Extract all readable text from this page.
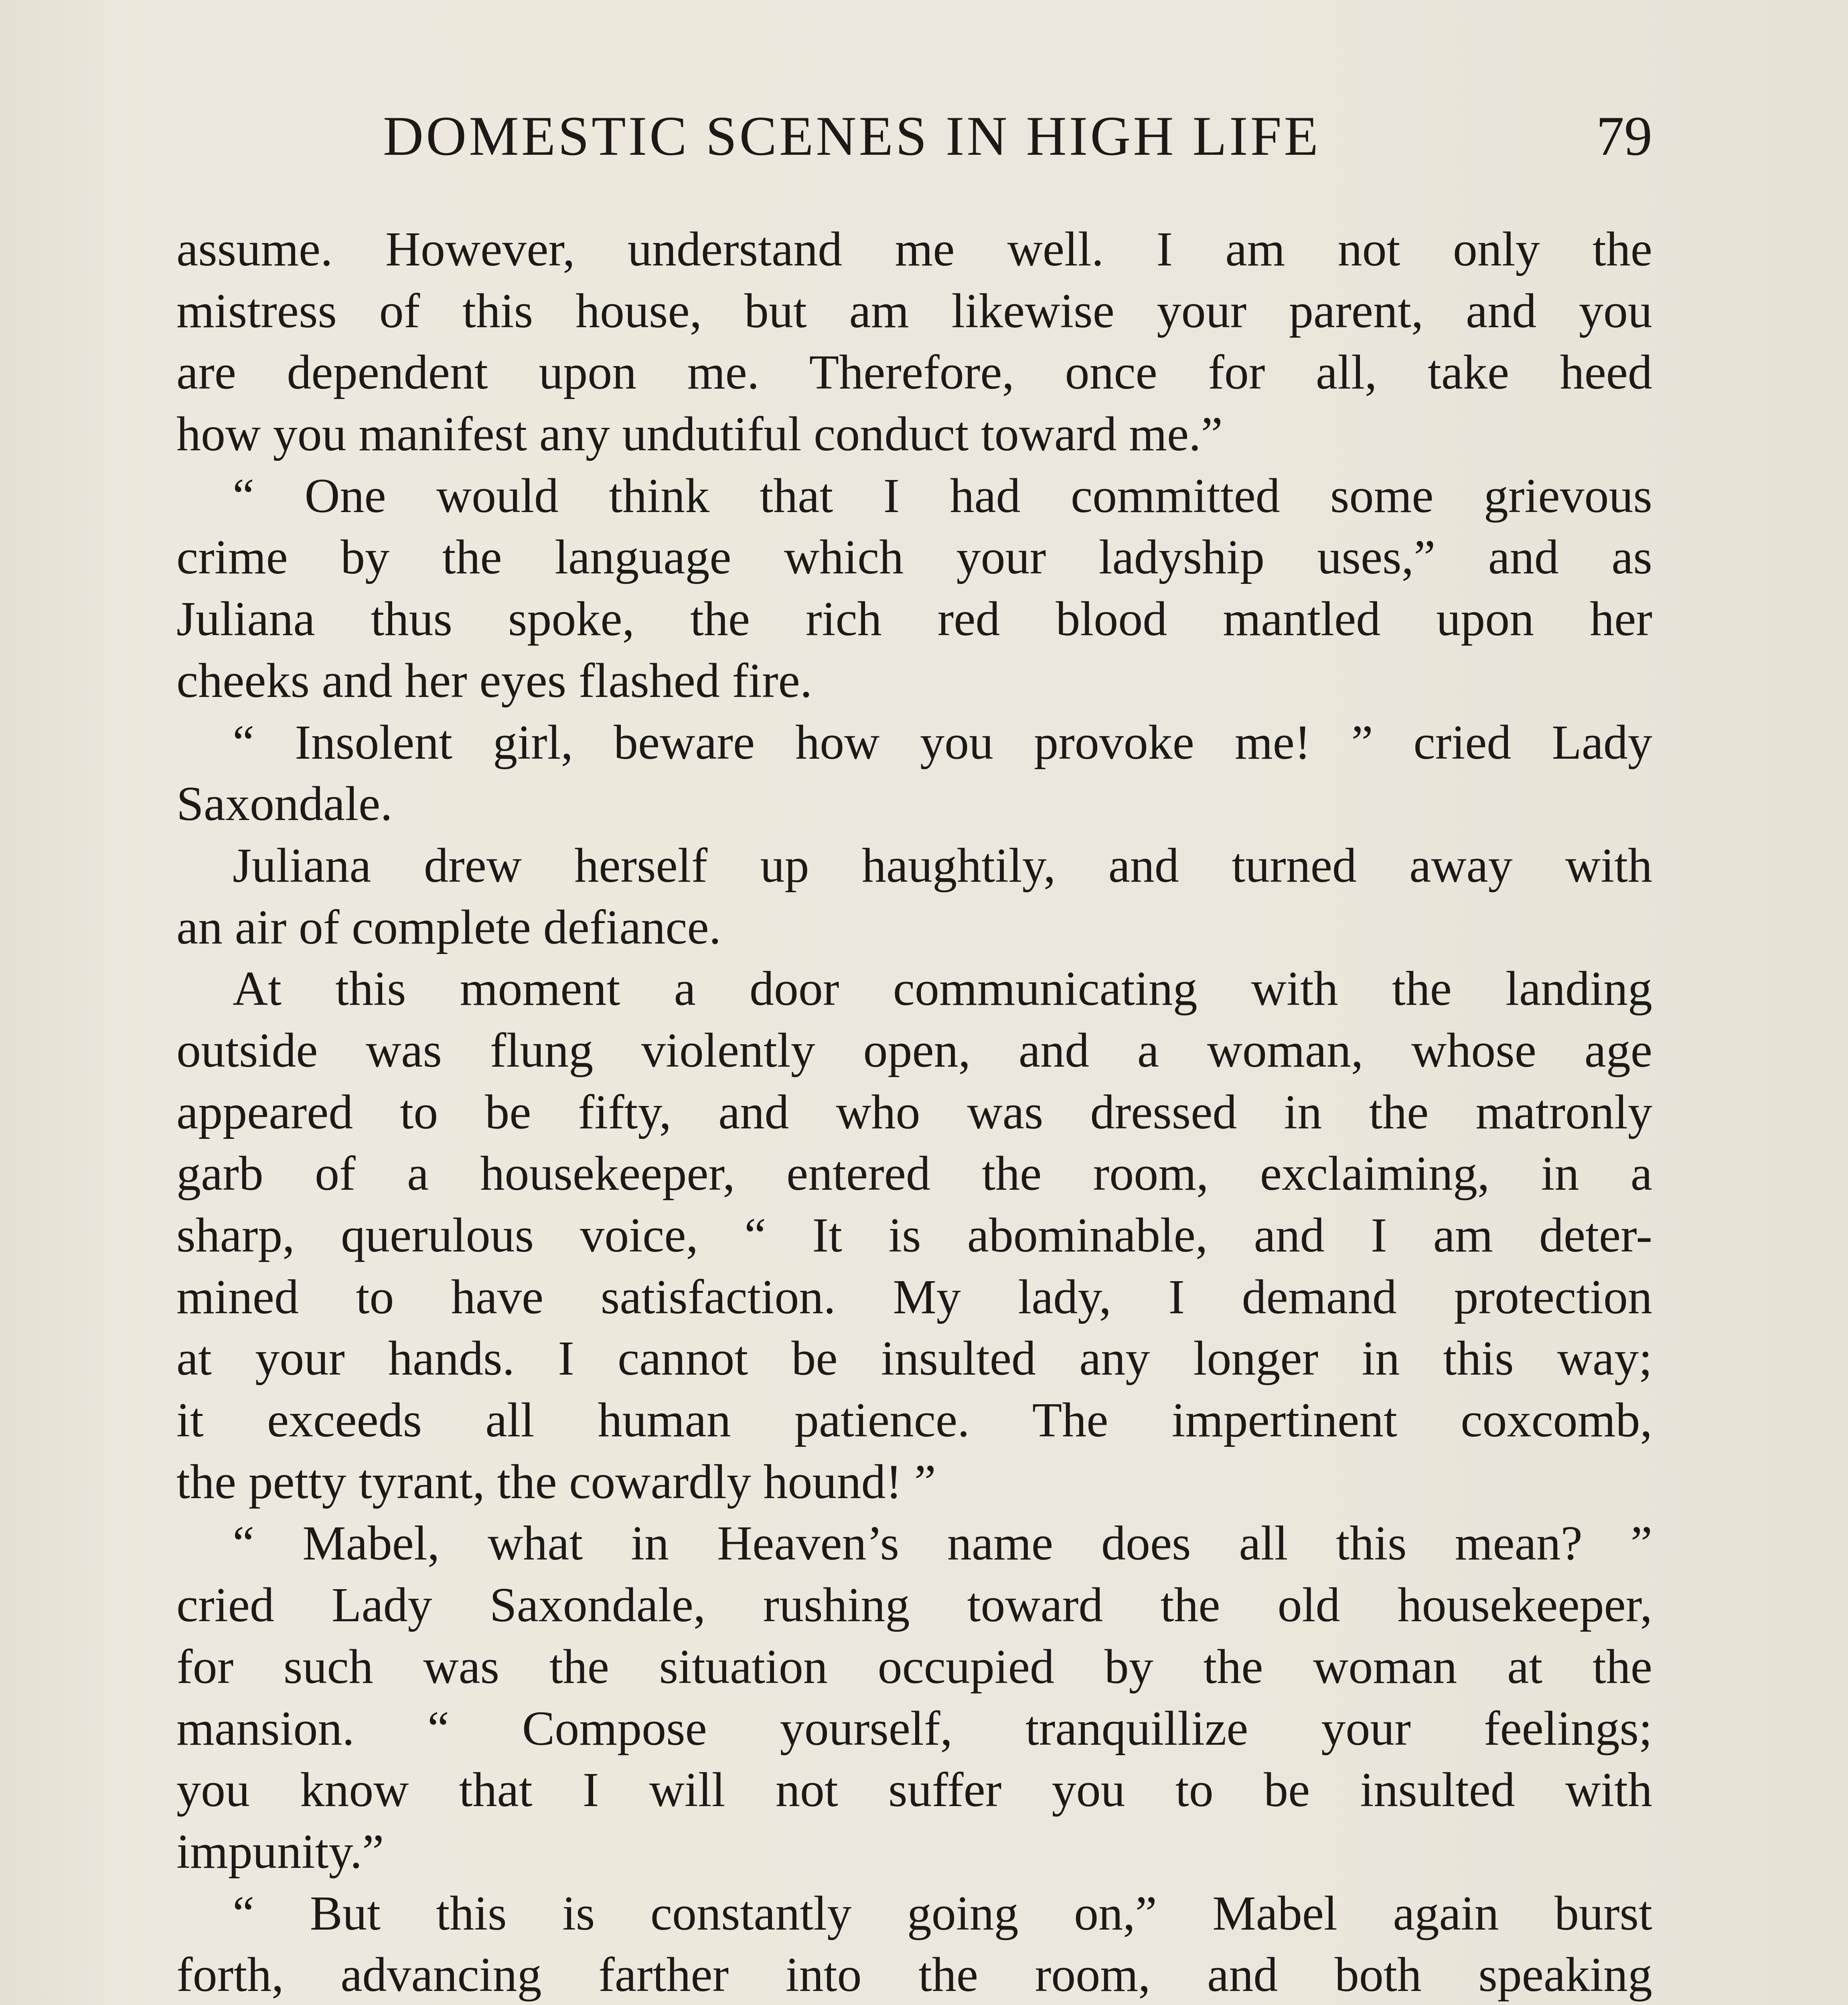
DOMESTIC SCENES IN HIGH LIFE	79
assume. However, understand me well. I am not only the
mistress of this house, but am likewise your parent, and you
are dependent upon me. Therefore, once for all, take heed
how you manifest any undutiful conduct toward me.”
“ One would think that I had committed some grievous
crime by the language which your ladyship uses,” and as
Juliana thus spoke, the rich red blood mantled upon her
cheeks and her eyes flashed fire.
“ Insolent girl, beware how you provoke me! ” cried Lady
Saxondale.
Juliana drew herself up haughtily, and turned away with
an air of complete defiance.
At this moment a door communicating with the landing
outside was flung violently open, and a woman, whose age
appeared to be fifty, and who was dressed in the matronly
garb of a housekeeper, entered the room, exclaiming, in a
sharp, querulous voice, “ It is abominable, and I am deter-
mined to have satisfaction. My lady, I demand protection
at your hands. I cannot be insulted any longer in this way;
it exceeds all human patience. The impertinent coxcomb,
the petty tyrant, the cowardly hound! ”
“ Mabel, what in Heaven’s name does all this mean? ”
cried Lady Saxondale, rushing toward the old housekeeper,
for such was the situation occupied by the woman at the
mansion. “ Compose yourself, tranquillize your feelings;
you know that I will not suffer you to be insulted with
impunity.”
“ But this is constantly going on,” Mabel again burst
forth, advancing farther into the room, and both speaking
